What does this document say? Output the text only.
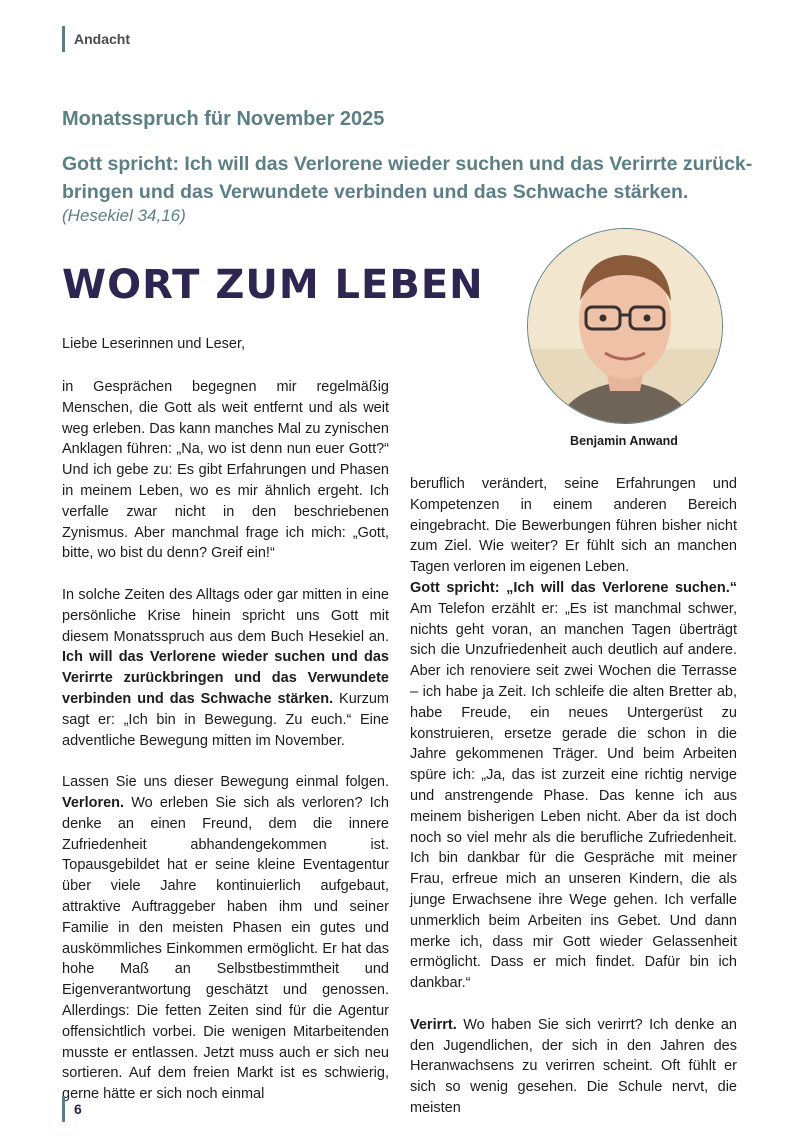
Andacht
Monatsspruch für November 2025
Gott spricht: Ich will das Verlorene wieder suchen und das Verirrte zurück-
bringen und das Verwundete verbinden und das Schwache stärken.
(Hesekiel 34,16)
WORT ZUM LEBEN
Benjamin Anwand
Liebe Leserinnen und Leser,

in Gesprächen begegnen mir regelmäßig Menschen, die Gott als weit entfernt und als weit weg erleben. Das kann manches Mal zu zynischen Anklagen führen: „Na, wo ist denn nun euer Gott?“ Und ich gebe zu: Es gibt Erfahrungen und Phasen in meinem Leben, wo es mir ähnlich ergeht. Ich verfalle zwar nicht in den beschriebenen Zynismus. Aber manchmal frage ich mich: „Gott, bitte, wo bist du denn? Greif ein!“

In solche Zeiten des Alltags oder gar mitten in eine persönliche Krise hinein spricht uns Gott mit diesem Monatsspruch aus dem Buch Hesekiel an. Ich will das Verlorene wieder suchen und das Verirrte zurückbringen und das Verwundete verbinden und das Schwache stärken. Kurzum sagt er: „Ich bin in Bewegung. Zu euch.“ Eine adventliche Bewegung mitten im November.

Lassen Sie uns dieser Bewegung einmal folgen. Verloren. Wo erleben Sie sich als verloren? Ich denke an einen Freund, dem die innere Zufriedenheit abhandengekommen ist. Topausgebildet hat er seine kleine Eventagentur über viele Jahre kontinuierlich aufgebaut, attraktive Auftraggeber haben ihm und seiner Familie in den meisten Phasen ein gutes und auskömmliches Einkommen ermöglicht. Er hat das hohe Maß an Selbstbestimmtheit und Eigenverantwortung geschätzt und genossen. Allerdings: Die fetten Zeiten sind für die Agentur offensichtlich vorbei. Die wenigen Mitarbeitenden musste er entlassen. Jetzt muss auch er sich neu sortieren. Auf dem freien Markt ist es schwierig, gerne hätte er sich noch einmal

beruflich verändert, seine Erfahrungen und Kompetenzen in einem anderen Bereich eingebracht. Die Bewerbungen führen bisher nicht zum Ziel. Wie weiter? Er fühlt sich an manchen Tagen verloren im eigenen Leben.

Gott spricht: „Ich will das Verlorene suchen.“ Am Telefon erzählt er: „Es ist manchmal schwer, nichts geht voran, an manchen Tagen überträgt sich die Unzufriedenheit auch deutlich auf andere. Aber ich renoviere seit zwei Wochen die Terrasse – ich habe ja Zeit. Ich schleife die alten Bretter ab, habe Freude, ein neues Untergerüst zu konstruieren, ersetze gerade die schon in die Jahre gekommenen Träger. Und beim Arbeiten spüre ich: „Ja, das ist zurzeit eine richtig nervige und anstrengende Phase. Das kenne ich aus meinem bisherigen Leben nicht. Aber da ist doch noch so viel mehr als die berufliche Zufriedenheit. Ich bin dankbar für die Gespräche mit meiner Frau, erfreue mich an unseren Kindern, die als junge Erwachsene ihre Wege gehen. Ich verfalle unmerklich beim Arbeiten ins Gebet. Und dann merke ich, dass mir Gott wieder Gelassenheit ermöglicht. Dass er mich findet. Dafür bin ich dankbar.“

Verirrt. Wo haben Sie sich verirrt? Ich denke an den Jugendlichen, der sich in den Jahren des Heranwachsens zu verirren scheint. Oft fühlt er sich so wenig gesehen. Die Schule nervt, die meisten

6
